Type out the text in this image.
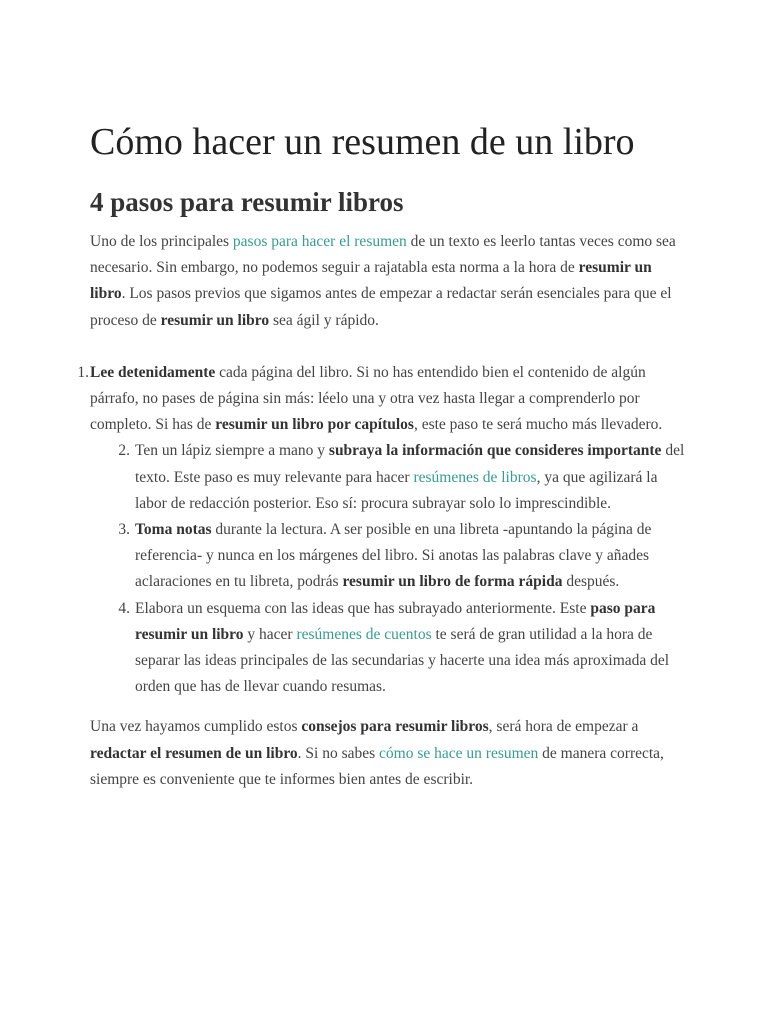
Cómo hacer un resumen de un libro
4 pasos para resumir libros

Uno de los principales pasos para hacer el resumen de un texto es leerlo tantas veces como sea necesario. Sin embargo, no podemos seguir a rajatabla esta norma a la hora de resumir un libro. Los pasos previos que sigamos antes de empezar a redactar serán esenciales para que el proceso de resumir un libro sea ágil y rápido.

1. Lee detenidamente cada página del libro. Si no has entendido bien el contenido de algún párrafo, no pases de página sin más: léelo una y otra vez hasta llegar a comprenderlo por completo. Si has de resumir un libro por capítulos, este paso te será mucho más llevadero.
2. Ten un lápiz siempre a mano y subraya la información que consideres importante del texto. Este paso es muy relevante para hacer resúmenes de libros, ya que agilizará la labor de redacción posterior. Eso sí: procura subrayar solo lo imprescindible.
3. Toma notas durante la lectura. A ser posible en una libreta -apuntando la página de referencia- y nunca en los márgenes del libro. Si anotas las palabras clave y añades aclaraciones en tu libreta, podrás resumir un libro de forma rápida después.
4. Elabora un esquema con las ideas que has subrayado anteriormente. Este paso para resumir un libro y hacer resúmenes de cuentos te será de gran utilidad a la hora de separar las ideas principales de las secundarias y hacerte una idea más aproximada del orden que has de llevar cuando resumas.

Una vez hayamos cumplido estos consejos para resumir libros, será hora de empezar a redactar el resumen de un libro. Si no sabes cómo se hace un resumen de manera correcta, siempre es conveniente que te informes bien antes de escribir.
